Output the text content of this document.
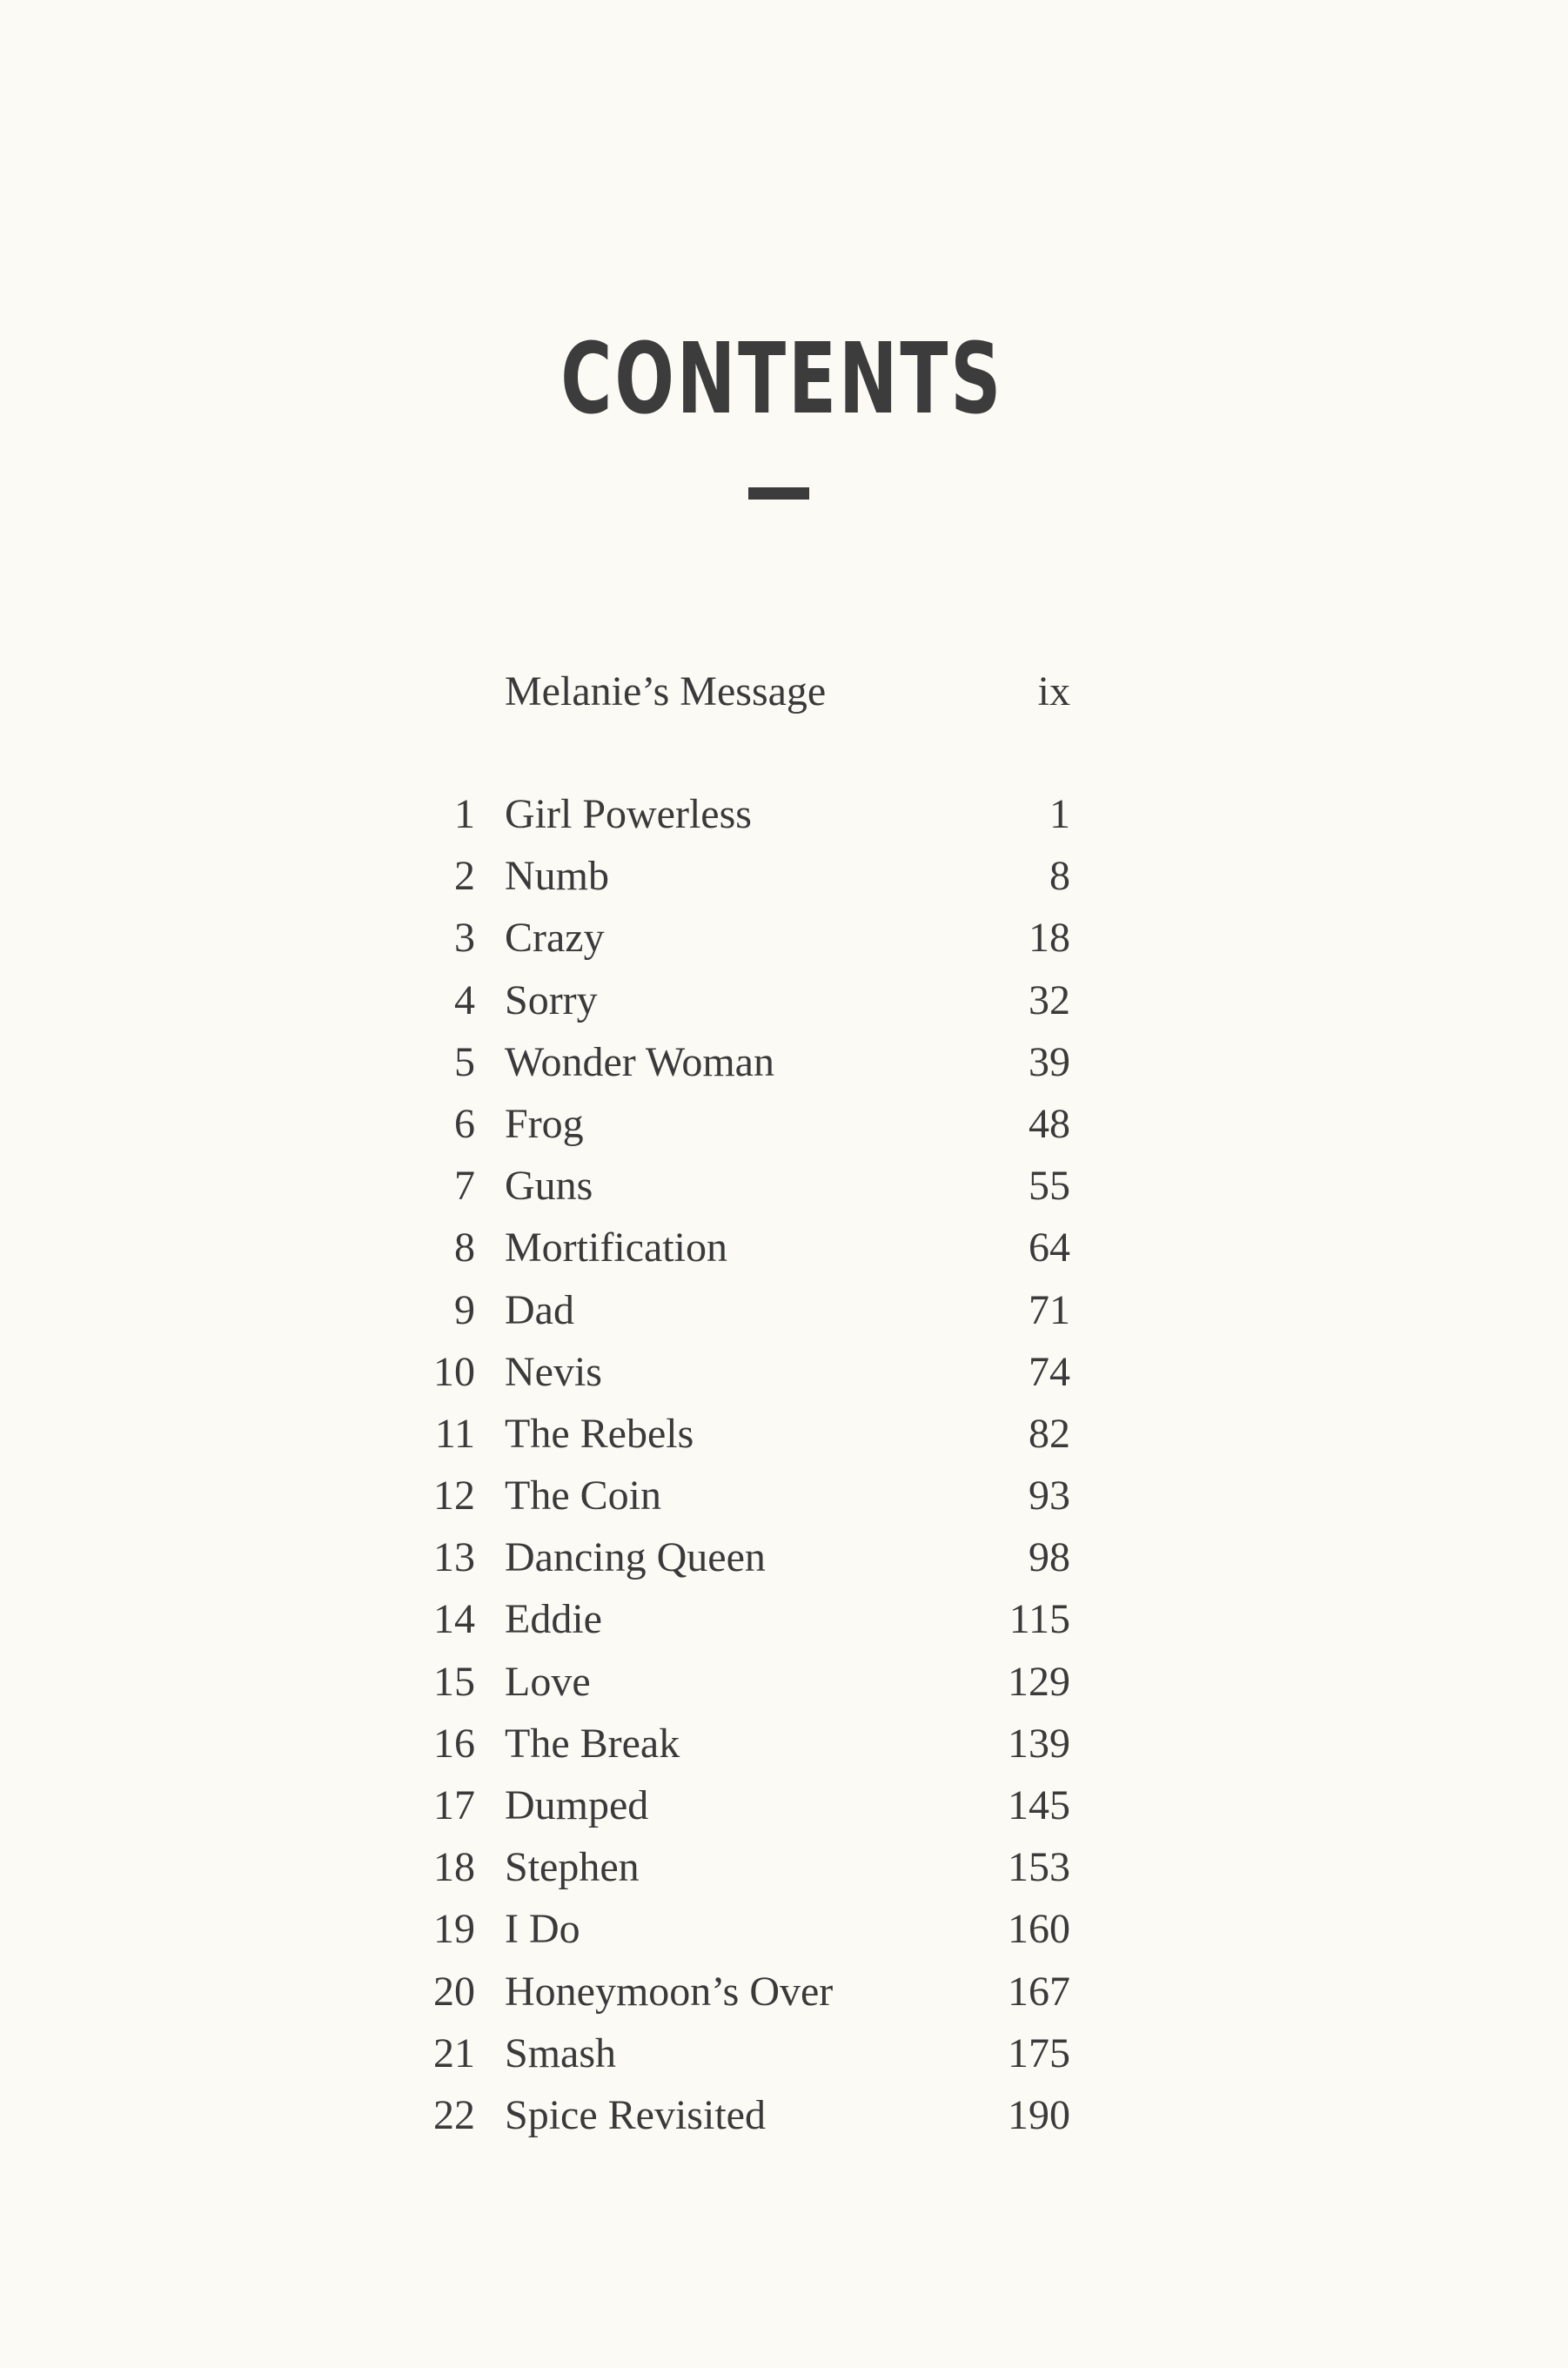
CONTENTS
Melanie’s Message	ix
1 Girl Powerless	1
2 Numb	8
3 Crazy	18
4 Sorry	32
5 Wonder Woman	39
6 Frog	48
7 Guns	55
8 Mortification	64
9 Dad	71
10 Nevis	74
11 The Rebels	82
12 The Coin	93
13 Dancing Queen	98
14 Eddie	115
15 Love	129
16 The Break	139
17 Dumped	145
18 Stephen	153
19 I Do	160
20 Honeymoon’s Over	167
21 Smash	175
22 Spice Revisited	190
